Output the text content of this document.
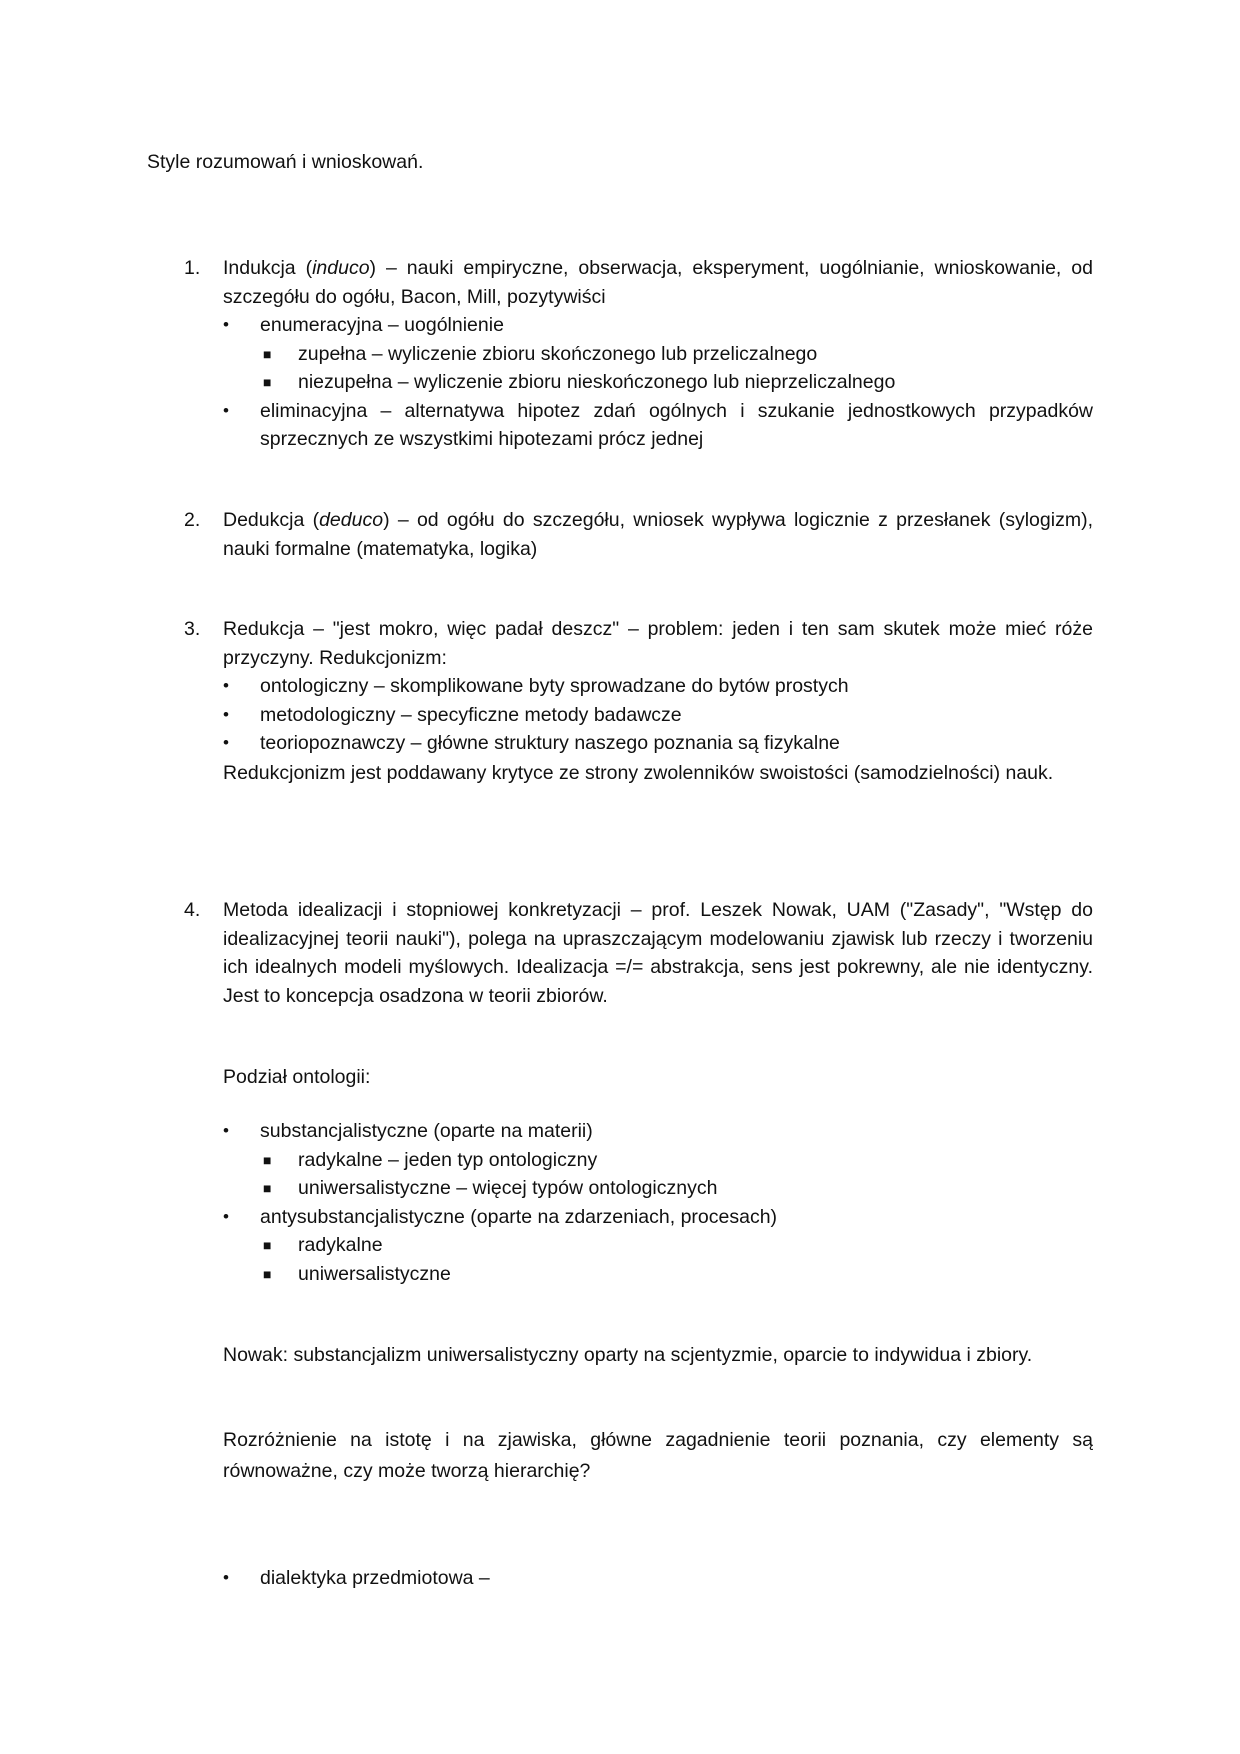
Style rozumowań i wnioskowań.
1.	Indukcja (induco) – nauki empiryczne, obserwacja, eksperyment, uogólnianie, wnioskowanie, od szczegółu do ogółu, Bacon, Mill, pozytywiści
•	enumeracyjna – uogólnienie
■	zupełna – wyliczenie zbioru skończonego lub przeliczalnego
■	niezupełna – wyliczenie zbioru nieskończonego lub nieprzeliczalnego
•	eliminacyjna – alternatywa hipotez zdań ogólnych i szukanie jednostkowych przypadków sprzecznych ze wszystkimi hipotezami prócz jednej
2.	Dedukcja (deduco) – od ogółu do szczegółu, wniosek wypływa logicznie z przesłanek (sylogizm), nauki formalne (matematyka, logika)
3.	Redukcja – "jest mokro, więc padał deszcz" – problem: jeden i ten sam skutek może mieć róże przyczyny. Redukcjonizm:
•	ontologiczny – skomplikowane byty sprowadzane do bytów prostych
•	metodologiczny – specyficzne metody badawcze
•	teoriopoznawczy – główne struktury naszego poznania są fizykalne
Redukcjonizm jest poddawany krytyce ze strony zwolenników swoistości (samodzielności) nauk.
4.	Metoda idealizacji i stopniowej konkretyzacji – prof. Leszek Nowak, UAM ("Zasady", "Wstęp do idealizacyjnej teorii nauki"), polega na upraszczającym modelowaniu zjawisk lub rzeczy i tworzeniu ich idealnych modeli myślowych. Idealizacja =/= abstrakcja, sens jest pokrewny, ale nie identyczny. Jest to koncepcja osadzona w teorii zbiorów.
Podział ontologii:
•	substancjalistyczne (oparte na materii)
■	radykalne – jeden typ ontologiczny
■	uniwersalistyczne – więcej typów ontologicznych
•	antysubstancjalistyczne (oparte na zdarzeniach, procesach)
■	radykalne
■	uniwersalistyczne
Nowak: substancjalizm uniwersalistyczny oparty na scjentyzmie, oparcie to indywidua i zbiory.
Rozróżnienie na istotę i na zjawiska, główne zagadnienie teorii poznania, czy elementy są równoważne, czy może tworzą hierarchię?
•	dialektyka przedmiotowa –
